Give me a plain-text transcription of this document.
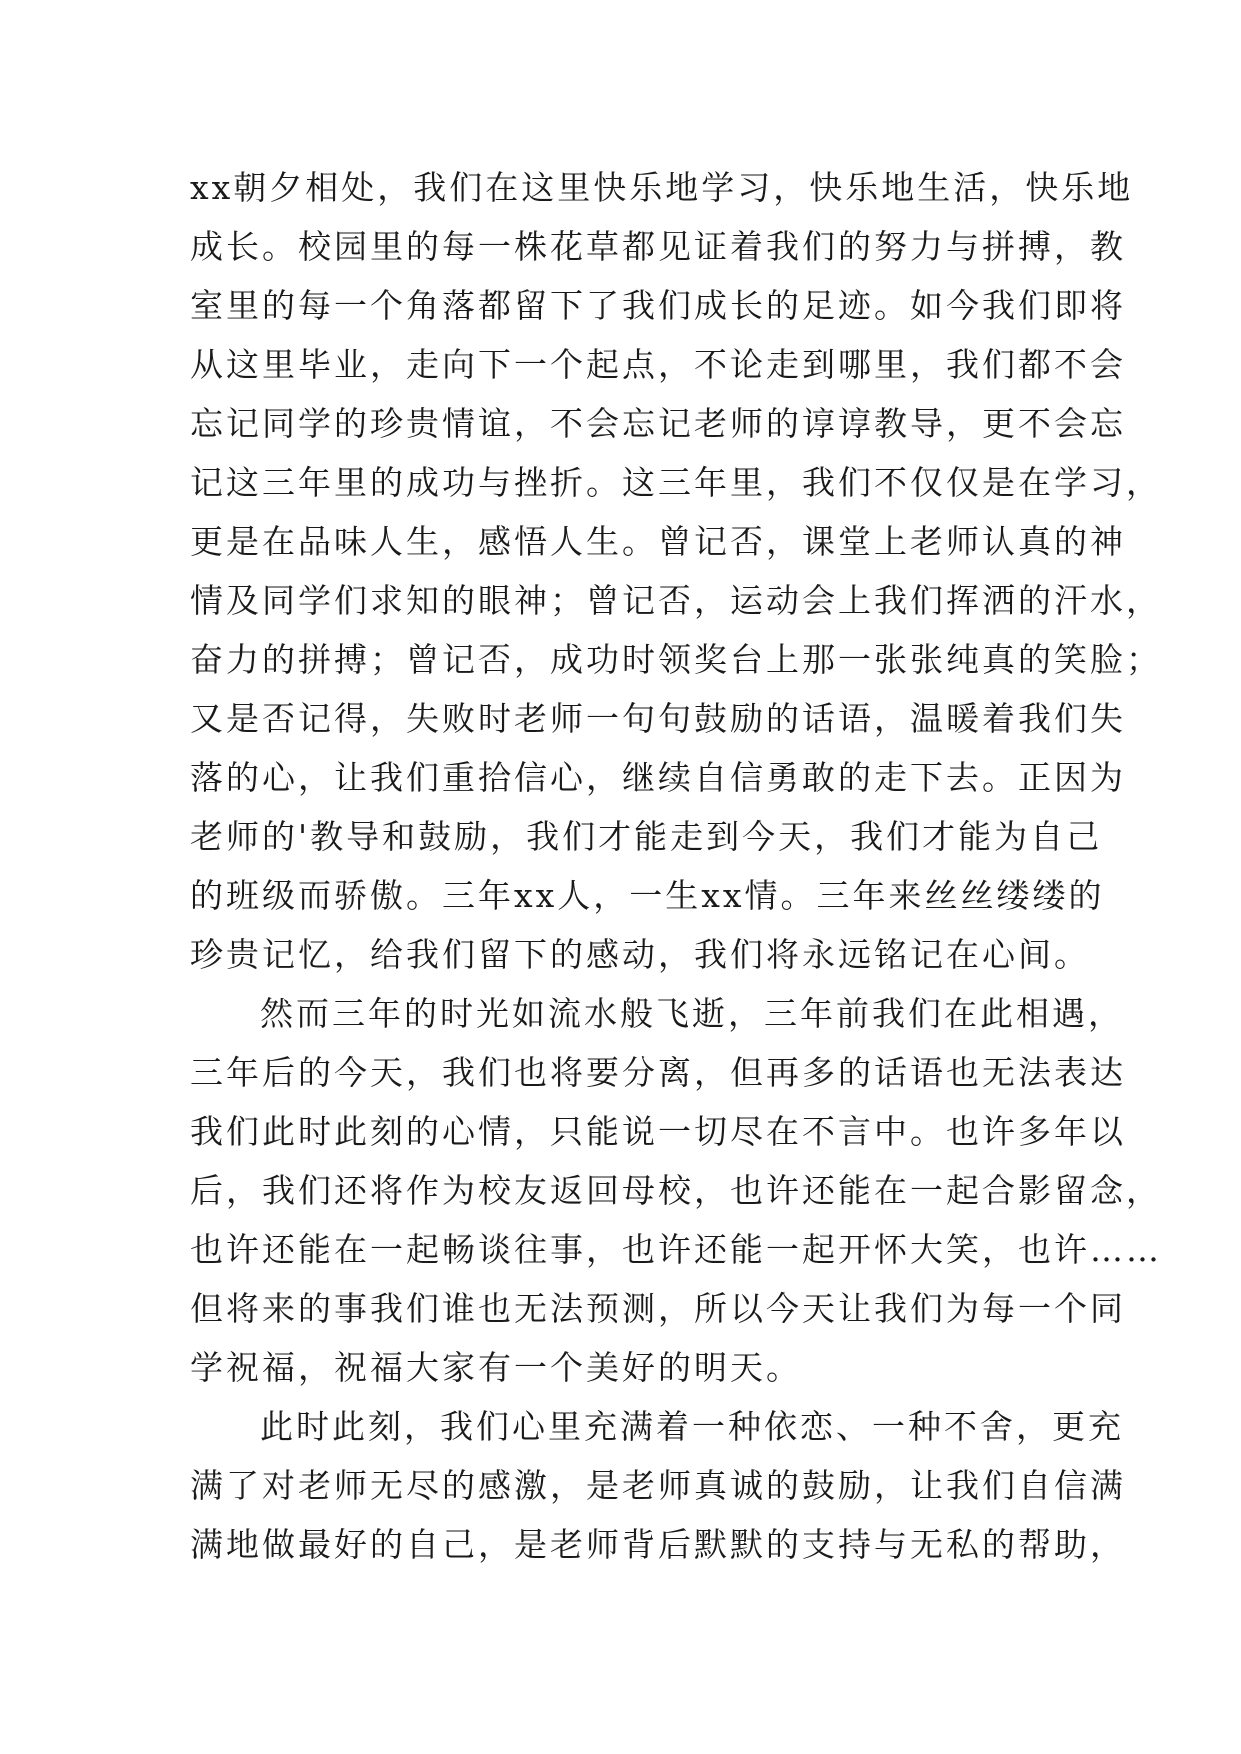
xx朝夕相处，我们在这里快乐地学习，快乐地生活，快乐地
成长。校园里的每一株花草都见证着我们的努力与拼搏，教
室里的每一个角落都留下了我们成长的足迹。如今我们即将
从这里毕业，走向下一个起点，不论走到哪里，我们都不会
忘记同学的珍贵情谊，不会忘记老师的谆谆教导，更不会忘
记这三年里的成功与挫折。这三年里，我们不仅仅是在学习，
更是在品味人生，感悟人生。曾记否，课堂上老师认真的神
情及同学们求知的眼神；曾记否，运动会上我们挥洒的汗水，
奋力的拼搏；曾记否，成功时领奖台上那一张张纯真的笑脸；
又是否记得，失败时老师一句句鼓励的话语，温暖着我们失
落的心，让我们重拾信心，继续自信勇敢的走下去。正因为
老师的'教导和鼓励，我们才能走到今天，我们才能为自己
的班级而骄傲。三年xx人，一生xx情。三年来丝丝缕缕的
珍贵记忆，给我们留下的感动，我们将永远铭记在心间。
然而三年的时光如流水般飞逝，三年前我们在此相遇，
三年后的今天，我们也将要分离，但再多的话语也无法表达
我们此时此刻的心情，只能说一切尽在不言中。也许多年以
后，我们还将作为校友返回母校，也许还能在一起合影留念，
也许还能在一起畅谈往事，也许还能一起开怀大笑，也许……
但将来的事我们谁也无法预测，所以今天让我们为每一个同
学祝福，祝福大家有一个美好的明天。
此时此刻，我们心里充满着一种依恋、一种不舍，更充
满了对老师无尽的感激，是老师真诚的鼓励，让我们自信满
满地做最好的自己，是老师背后默默的支持与无私的帮助，
